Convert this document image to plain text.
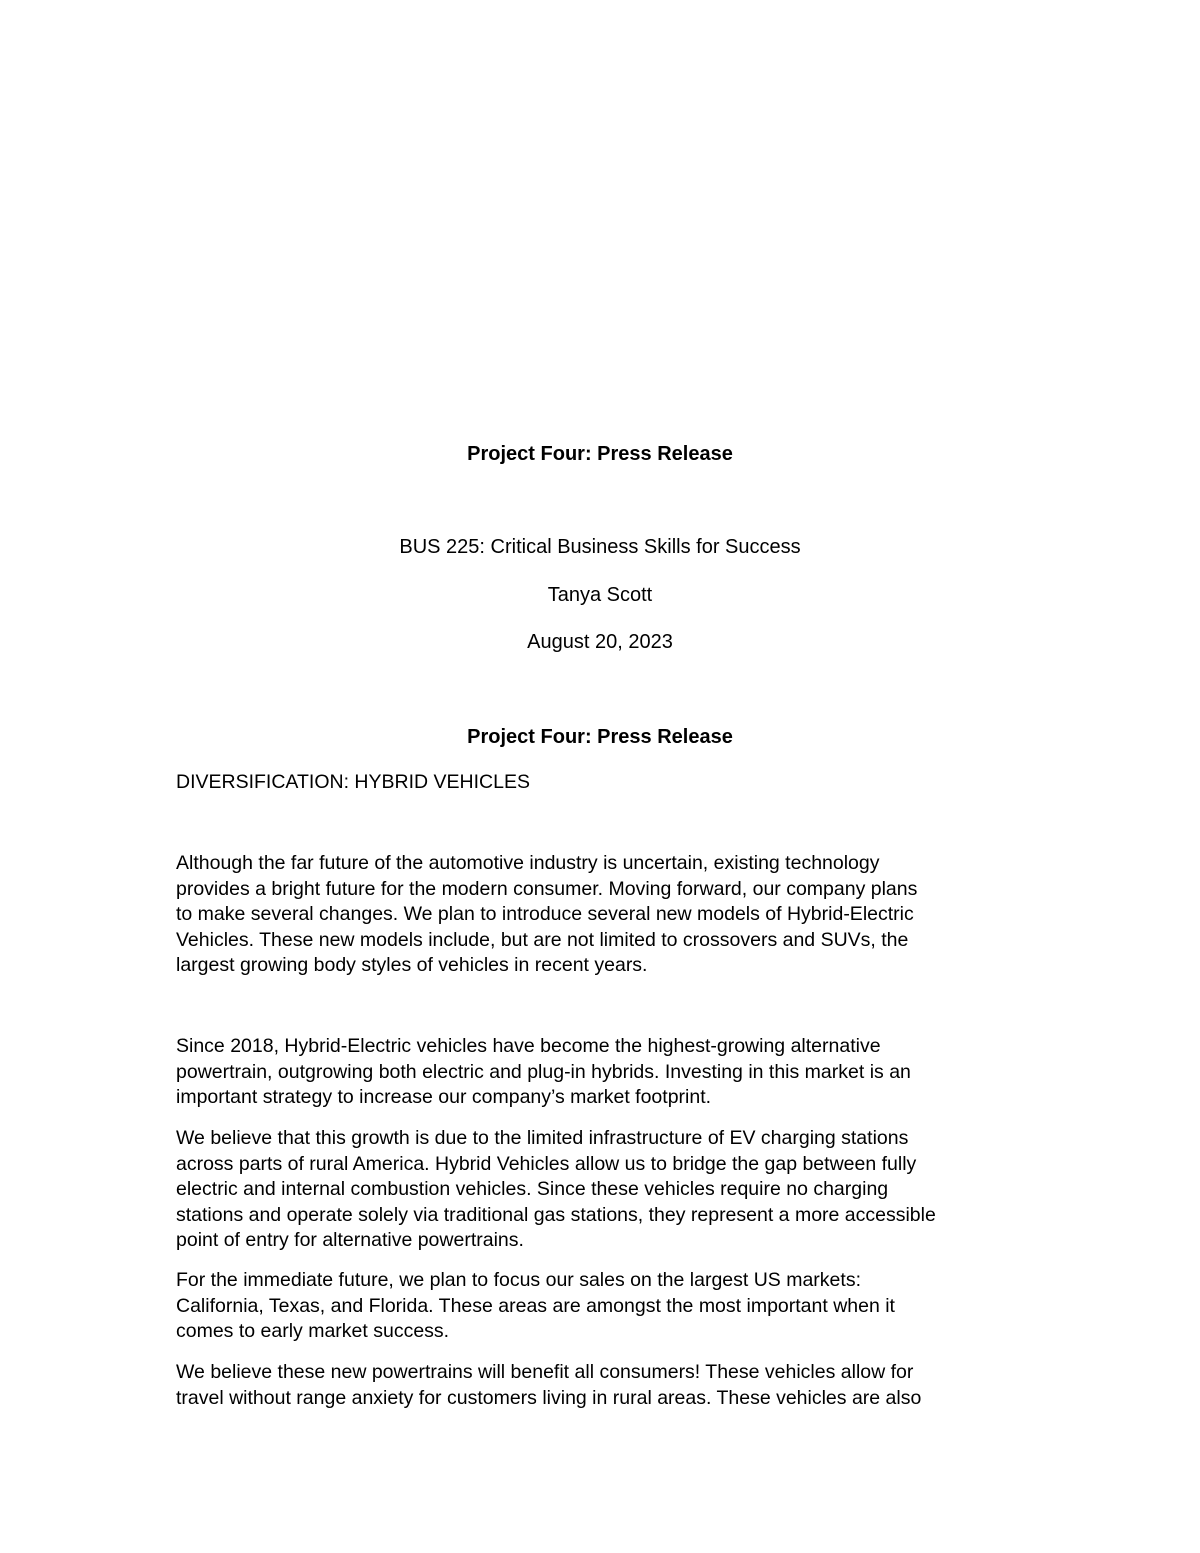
Project Four: Press Release
BUS 225: Critical Business Skills for Success
Tanya Scott
August 20, 2023
Project Four: Press Release
DIVERSIFICATION: HYBRID VEHICLES

Although the far future of the automotive industry is uncertain, existing technology
provides a bright future for the modern consumer. Moving forward, our company plans
to make several changes. We plan to introduce several new models of Hybrid-Electric
Vehicles. These new models include, but are not limited to crossovers and SUVs, the
largest growing body styles of vehicles in recent years.

Since 2018, Hybrid-Electric vehicles have become the highest-growing alternative
powertrain, outgrowing both electric and plug-in hybrids. Investing in this market is an
important strategy to increase our company’s market footprint.

We believe that this growth is due to the limited infrastructure of EV charging stations
across parts of rural America. Hybrid Vehicles allow us to bridge the gap between fully
electric and internal combustion vehicles. Since these vehicles require no charging
stations and operate solely via traditional gas stations, they represent a more accessible
point of entry for alternative powertrains.

For the immediate future, we plan to focus our sales on the largest US markets:
California, Texas, and Florida. These areas are amongst the most important when it
comes to early market success.

We believe these new powertrains will benefit all consumers! These vehicles allow for
travel without range anxiety for customers living in rural areas. These vehicles are also
